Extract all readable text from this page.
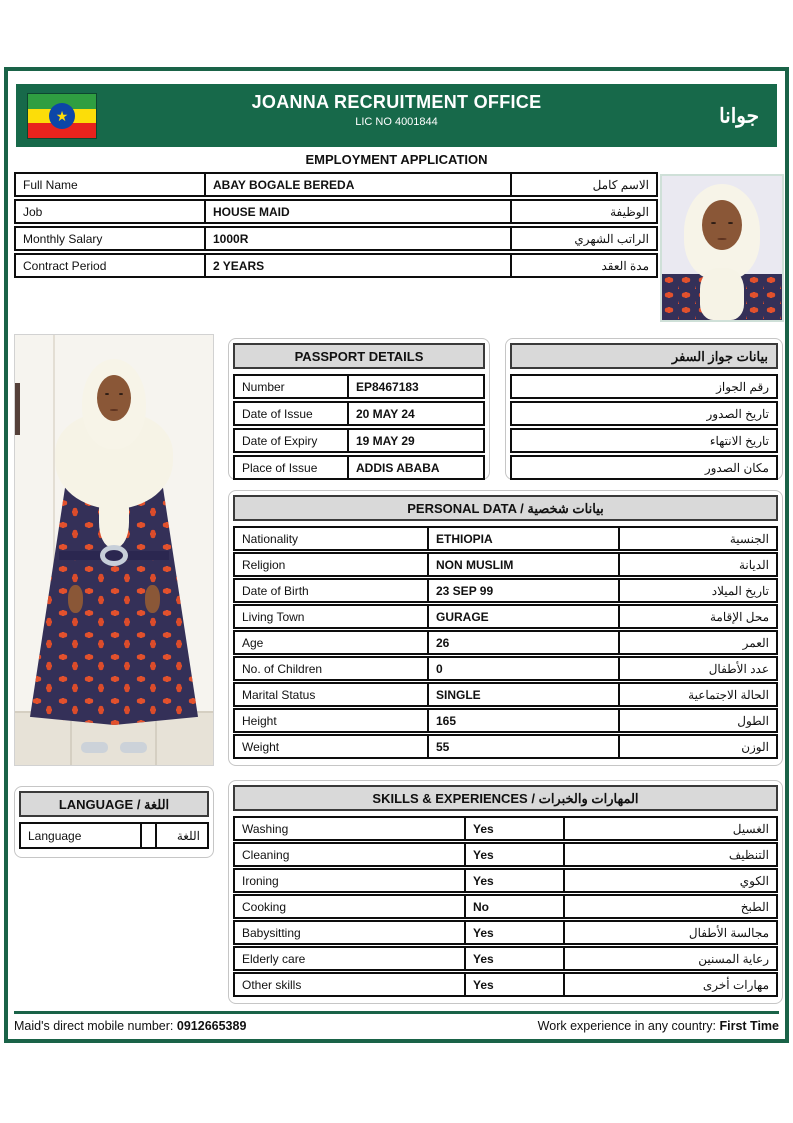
★
JOANNA RECRUITMENT OFFICE
LIC NO 4001844	جوانا
EMPLOYMENT APPLICATION
Full Name	ABAY BOGALE BEREDA	الاسم كامل
Job	HOUSE MAID	الوظيفة
Monthly Salary	1000R	الراتب الشهري
Contract Period	2 YEARS	مدة العقد
PASSPORT DETAILS
Number	EP8467183
Date of Issue	20 MAY 24
Date of Expiry	19 MAY 29
Place of Issue	ADDIS ABABA
بيانات جواز السفر
رقم الجواز
تاريخ الصدور
تاريخ الانتهاء
مكان الصدور
PERSONAL DATA / بيانات شخصية
Nationality	ETHIOPIA	الجنسية
Religion	NON MUSLIM	الديانة
Date of Birth	23 SEP 99	تاريخ الميلاد
Living Town	GURAGE	محل الإقامة
Age	26	العمر
No. of Children	0	عدد الأطفال
Marital Status	SINGLE	الحالة الاجتماعية
Height	165	الطول
Weight	55	الوزن
LANGUAGE / اللغة
Language	اللغة
SKILLS & EXPERIENCES / المهارات والخبرات
Washing	Yes	الغسيل
Cleaning	Yes	التنظيف
Ironing	Yes	الكوي
Cooking	No	الطبخ
Babysitting	Yes	مجالسة الأطفال
Elderly care	Yes	رعاية المسنين
Other skills	Yes	مهارات أخرى
Maid's direct mobile number: 0912665389	Work experience in any country: First Time
